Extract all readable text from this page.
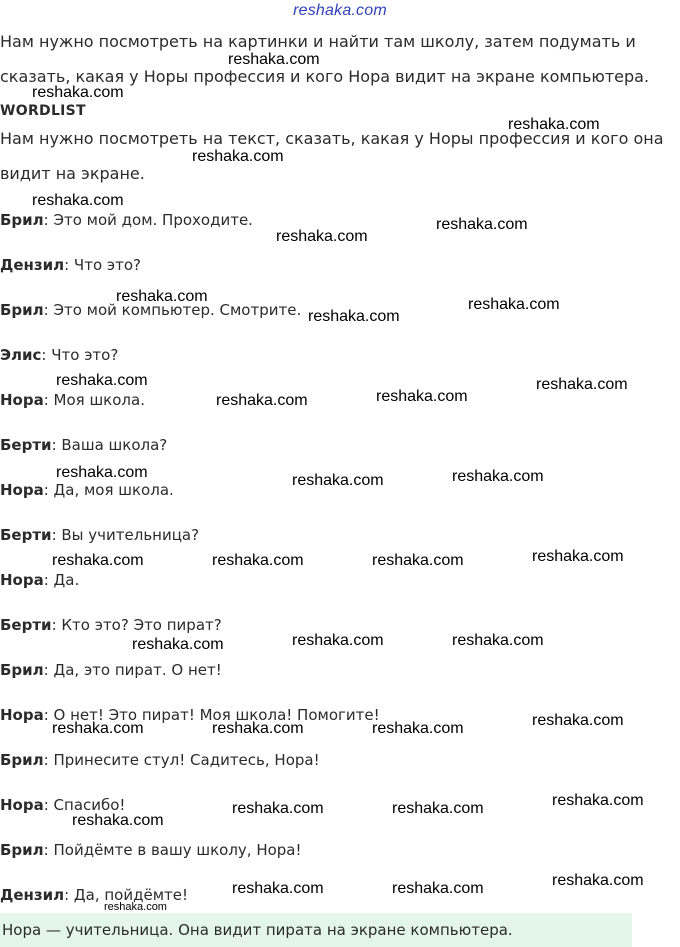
reshaka.com

Нам нужно посмотреть на картинки и найти там школу, затем подумать и сказать, какая у Норы профессия и кого Нора видит на экране компьютера.

WORDLIST

Нам нужно посмотреть на текст, сказать, какая у Норы профессия и кого она видит на экране.

Брил: Это мой дом. Проходите.
Дензил: Что это?
Брил: Это мой компьютер. Смотрите.
Элис: Что это?
Нора: Моя школа.
Берти: Ваша школа?
Нора: Да, моя школа.
Берти: Вы учительница?
Нора: Да.
Берти: Кто это? Это пират?
Брил: Да, это пират. О нет!
Нора: О нет! Это пират! Моя школа! Помогите!
Брил: Принесите стул! Садитесь, Нора!
Нора: Спасибо!
Брил: Пойдёмте в вашу школу, Нора!
Дензил: Да, пойдёмте!
Нора — учительница. Она видит пирата на экране компьютера.
reshaka.com
reshaka.com
reshaka.com
reshaka.com
reshaka.com
reshaka.com
reshaka.com
reshaka.com	reshaka.com
reshaka.com
reshaka.com	reshaka.com
reshaka.com
reshaka.com
reshaka.com	reshaka.com
reshaka.com
reshaka.com
reshaka.com	reshaka.com	reshaka.com
reshaka.com	reshaka.com
reshaka.com
reshaka.com
reshaka.com	reshaka.com	reshaka.com
reshaka.com
reshaka.com	reshaka.com
reshaka.com
reshaka.com
reshaka.com	reshaka.com
reshaka.com
